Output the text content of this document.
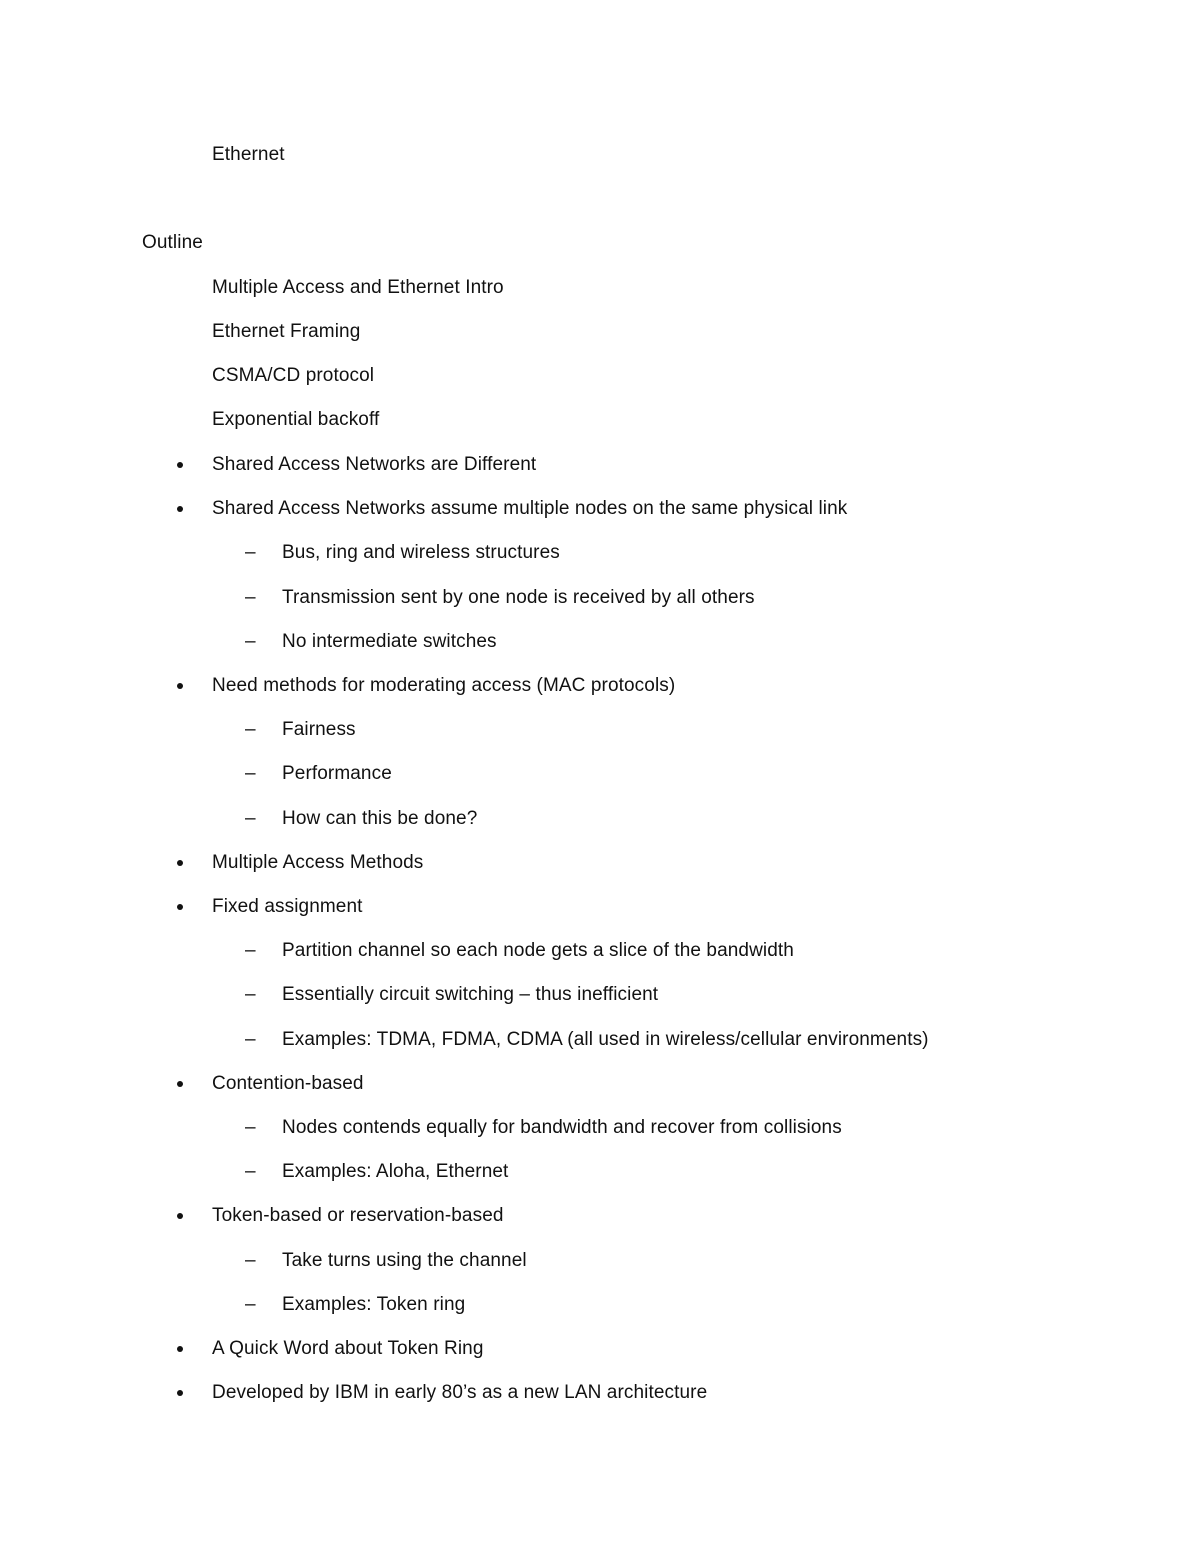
Ethernet
Outline
Multiple Access and Ethernet Intro
Ethernet Framing
CSMA/CD protocol
Exponential backoff
Shared Access Networks are Different
Shared Access Networks assume multiple nodes on the same physical link
– Bus, ring and wireless structures
– Transmission sent by one node is received by all others
– No intermediate switches
Need methods for moderating access (MAC protocols)
– Fairness
– Performance
– How can this be done?
Multiple Access Methods
Fixed assignment
– Partition channel so each node gets a slice of the bandwidth
– Essentially circuit switching – thus inefficient
– Examples: TDMA, FDMA, CDMA (all used in wireless/cellular environments)
Contention-based
– Nodes contends equally for bandwidth and recover from collisions
– Examples: Aloha, Ethernet
Token-based or reservation-based
– Take turns using the channel
– Examples: Token ring
A Quick Word about Token Ring
Developed by IBM in early 80’s as a new LAN architecture
